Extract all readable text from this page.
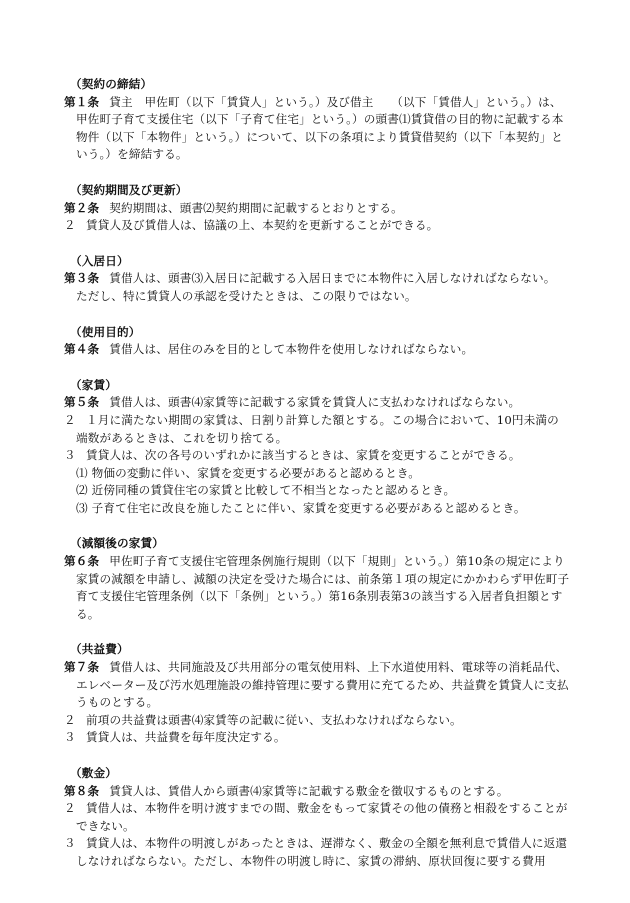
（契約の締結）
第１条 貸主　甲佐町（以下「賃貸人」という。）及び借主　　（以下「賃借人」という。）は、甲佐町子育て支援住宅（以下「子育て住宅」という。）の頭書⑴賃貸借の目的物に記載する本物件（以下「本物件」という。）について、以下の条項により賃貸借契約（以下「本契約」という。）を締結する。
（契約期間及び更新）
第２条 契約期間は、頭書⑵契約期間に記載するとおりとする。
２ 賃貸人及び賃借人は、協議の上、本契約を更新することができる。
（入居日）
第３条 賃借人は、頭書⑶入居日に記載する入居日までに本物件に入居しなければならない。
ただし、特に賃貸人の承認を受けたときは、この限りではない。
（使用目的）
第４条 賃借人は、居住のみを目的として本物件を使用しなければならない。
（家賃）
第５条 賃借人は、頭書⑷家賃等に記載する家賃を賃貸人に支払わなければならない。
２ １月に満たない期間の家賃は、日割り計算した額とする。この場合において、10円未満の端数があるときは、これを切り捨てる。
３ 賃貸人は、次の各号のいずれかに該当するときは、家賃を変更することができる。
⑴ 物価の変動に伴い、家賃を変更する必要があると認めるとき。
⑵ 近傍同種の賃貸住宅の家賃と比較して不相当となったと認めるとき。
⑶ 子育て住宅に改良を施したことに伴い、家賃を変更する必要があると認めるとき。
（減額後の家賃）
第６条 甲佐町子育て支援住宅管理条例施行規則（以下「規則」という。）第10条の規定により家賃の減額を申請し、減額の決定を受けた場合には、前条第１項の規定にかかわらず甲佐町子育て支援住宅管理条例（以下「条例」という。）第16条別表第3の該当する入居者負担額とする。
（共益費）
第７条 賃借人は、共同施設及び共用部分の電気使用料、上下水道使用料、電球等の消耗品代、エレベーター及び汚水処理施設の維持管理に要する費用に充てるため、共益費を賃貸人に支払うものとする。
２ 前項の共益費は頭書⑷家賃等の記載に従い、支払わなければならない。
３ 賃貸人は、共益費を毎年度決定する。
（敷金）
第８条 賃貸人は、賃借人から頭書⑷家賃等に記載する敷金を徴収するものとする。
２ 賃借人は、本物件を明け渡すまでの間、敷金をもって家賃その他の債務と相殺をすることができない。
３ 賃貸人は、本物件の明渡しがあったときは、遅滞なく、敷金の全額を無利息で賃借人に返還しなければならない。ただし、本物件の明渡し時に、家賃の滞納、原状回復に要する費用
